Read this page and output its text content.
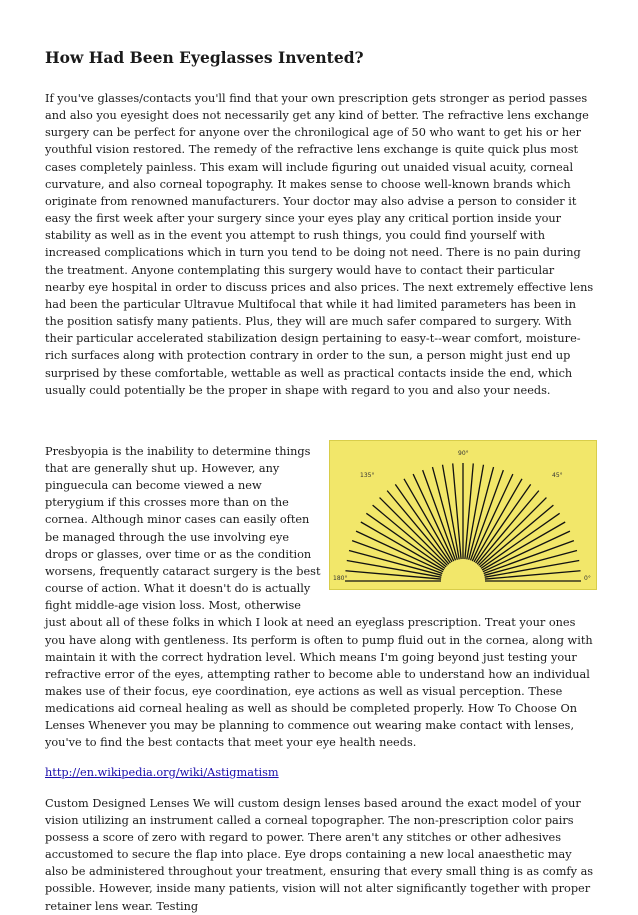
How Had Been Eyeglasses Invented?

If you've glasses/contacts you'll find that your own prescription gets stronger as period passes and also you eyesight does not necessarily get any kind of better. The refractive lens exchange surgery can be perfect for anyone over the chronilogical age of 50 who want to get his or her youthful vision restored. The remedy of the refractive lens exchange is quite quick plus most cases completely painless. This exam will include figuring out unaided visual acuity, corneal curvature, and also corneal topography. It makes sense to choose well-known brands which originate from renowned manufacturers. Your doctor may also advise a person to consider it easy the first week after your surgery since your eyes play any critical portion inside your stability as well as in the event you attempt to rush things, you could find yourself with increased complications which in turn you tend to be doing not need. There is no pain during the treatment. Anyone contemplating this surgery would have to contact their particular nearby eye hospital in order to discuss prices and also prices. The next extremely effective lens had been the particular Ultravue Multifocal that while it had limited parameters has been in the position satisfy many patients. Plus, they will are much safer compared to surgery. With their particular accelerated stabilization design pertaining to easy-t--wear comfort, moisture-rich surfaces along with protection contrary in order to the sun, a person might just end up surprised by these comfortable, wettable as well as practical contacts inside the end, which usually could potentially be the proper in shape with regard to you and also your needs.

90°
135°	45°
180°	0°

Presbyopia is the inability to determine things that are generally shut up. However, any pinguecula can become viewed a new pterygium if this crosses more than on the cornea. Although minor cases can easily often be managed through the use involving eye drops or glasses, over time or as the condition worsens, frequently cataract surgery is the best course of action. What it doesn't do is actually fight middle-age vision loss. Most, otherwise just about all of these folks in which I look at need an eyeglass prescription. Treat your ones you have along with gentleness. Its perform is often to pump fluid out in the cornea, along with maintain it with the correct hydration level. Which means I'm going beyond just testing your refractive error of the eyes, attempting rather to become able to understand how an individual makes use of their focus, eye coordination, eye actions as well as visual perception. These medications aid corneal healing as well as should be completed properly. How To Choose On Lenses Whenever you may be planning to commence out wearing make contact with lenses, you've to find the best contacts that meet your eye health needs.

http://en.wikipedia.org/wiki/Astigmatism

Custom Designed Lenses We will custom design lenses based around the exact model of your vision utilizing an instrument called a corneal topographer. The non-prescription color pairs possess a score of zero with regard to power. There aren't any stitches or other adhesives accustomed to secure the flap into place. Eye drops containing a new local anaesthetic may also be administered throughout your treatment, ensuring that every small thing is as comfy as possible. However, inside many patients, vision will not alter significantly together with proper retainer lens wear. Testing
